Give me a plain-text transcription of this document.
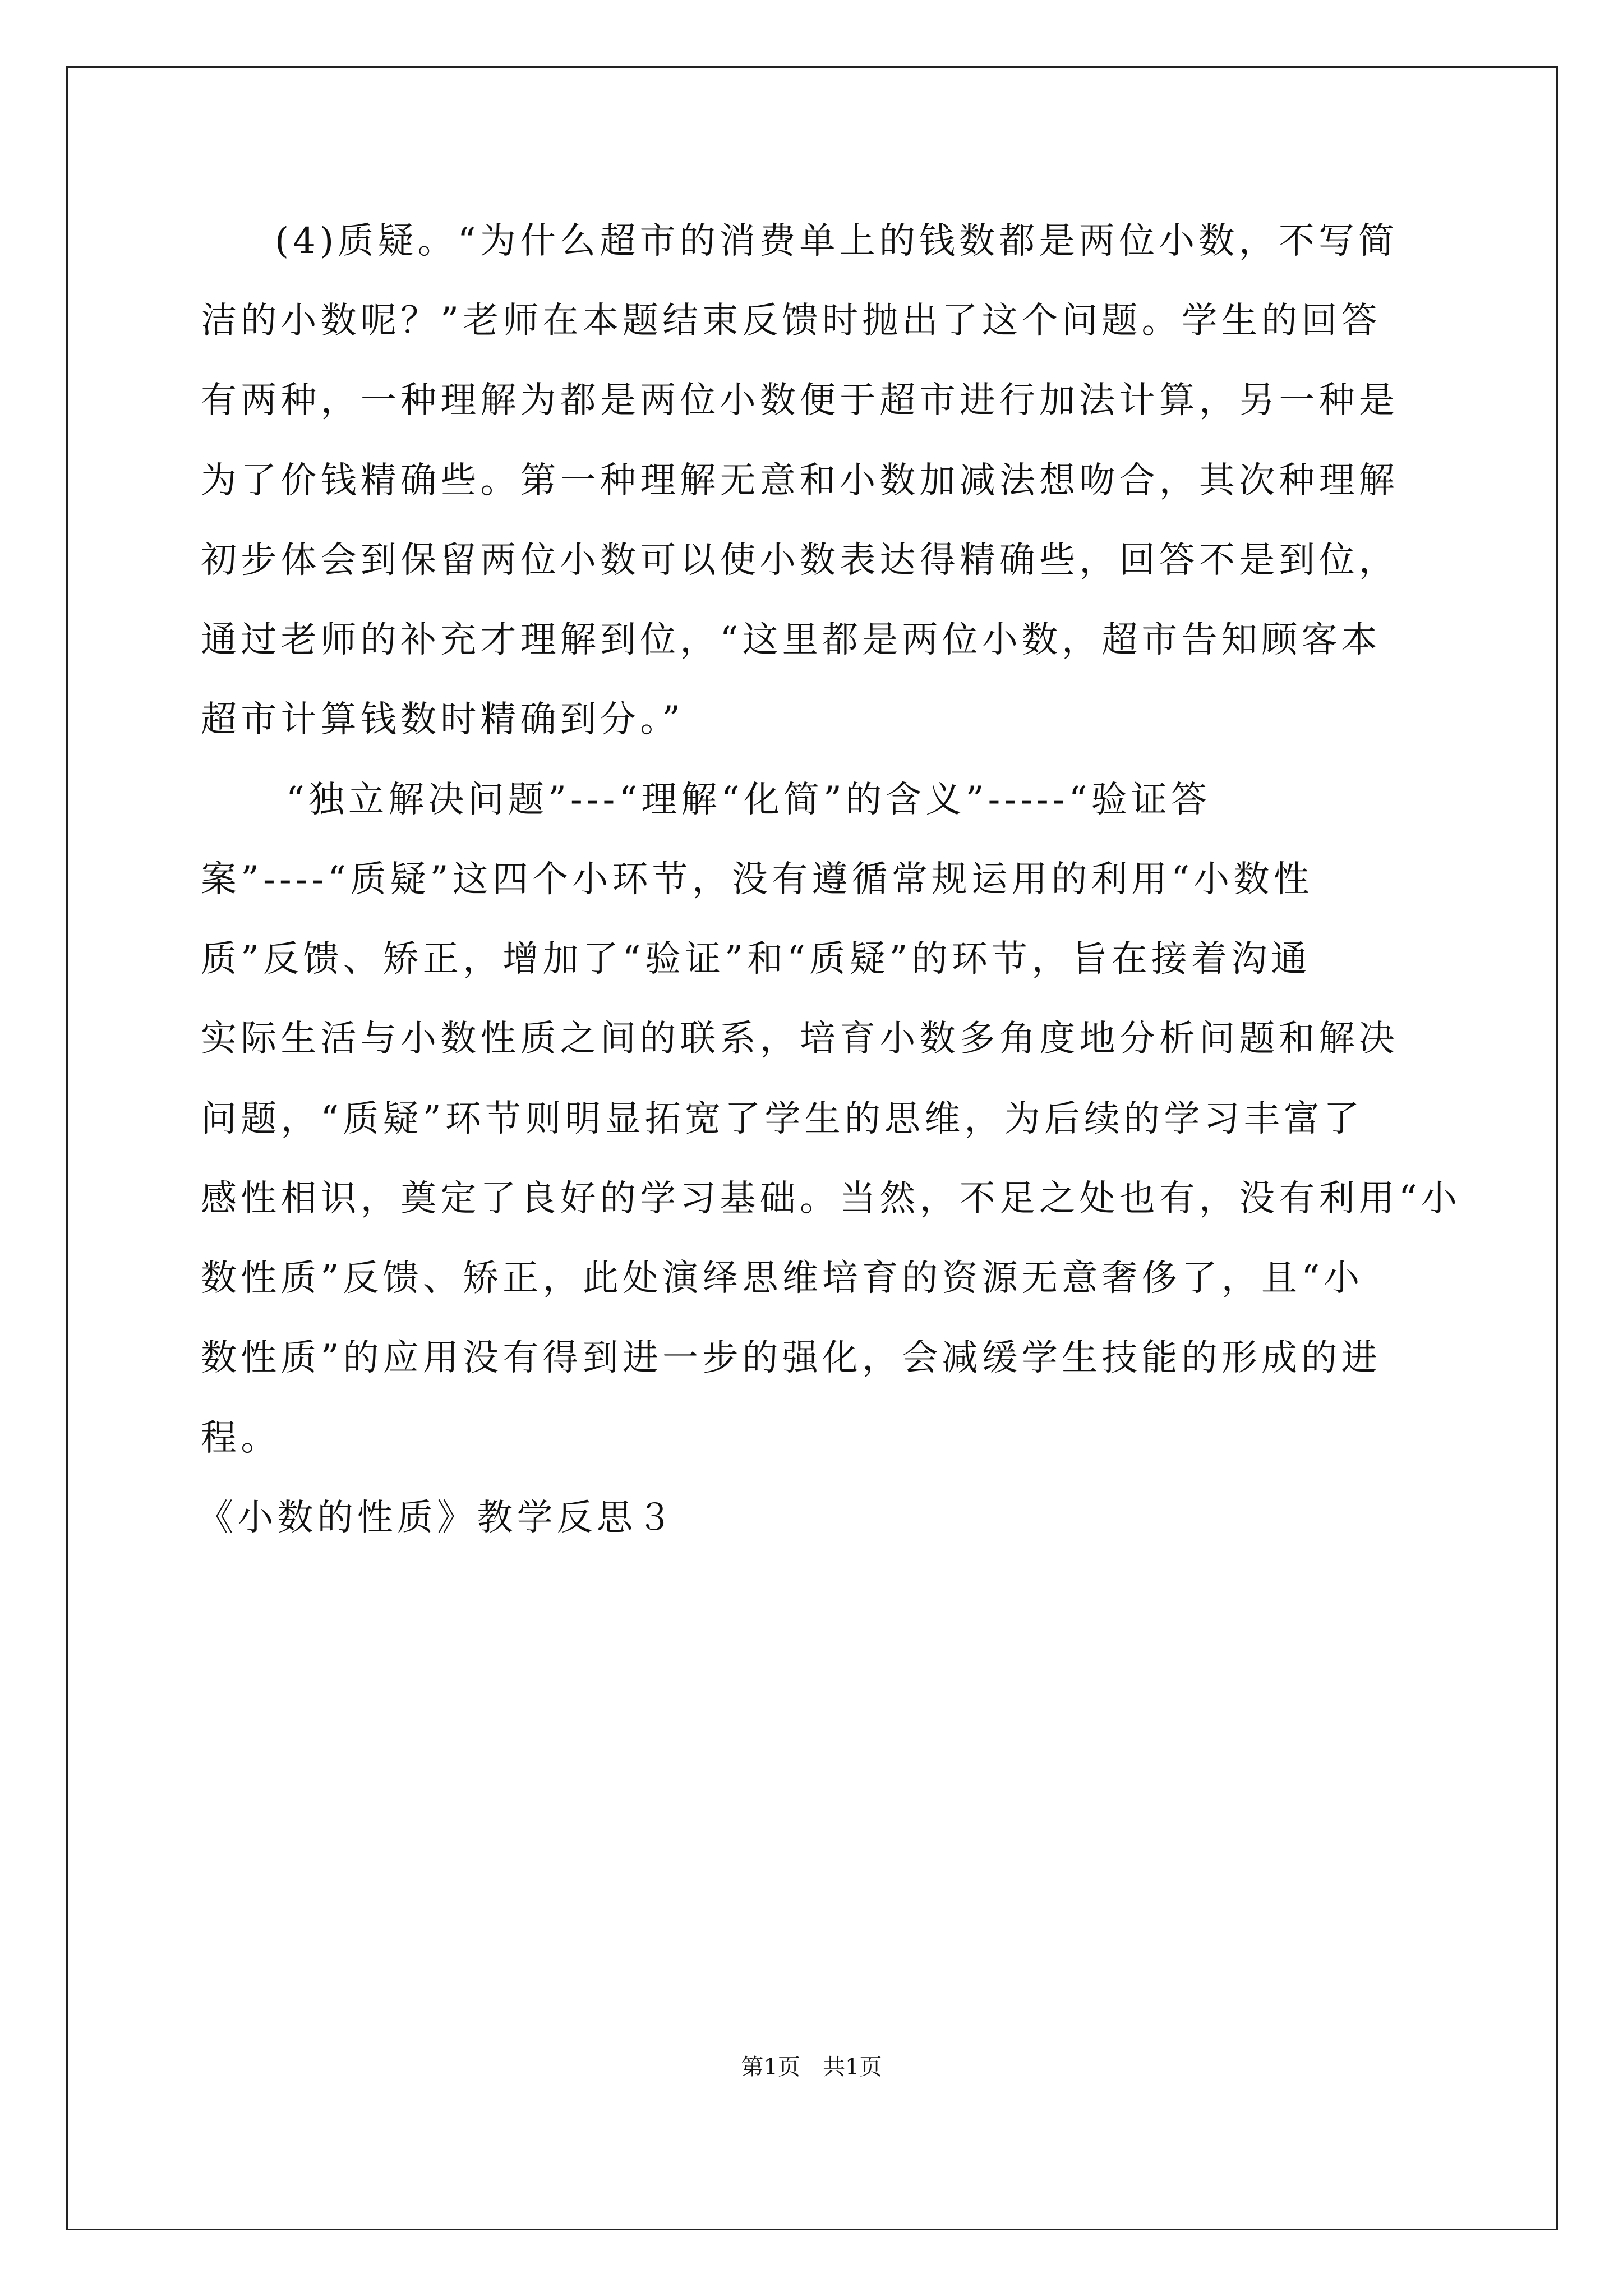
(4)质疑。“为什么超市的消费单上的钱数都是两位小数，不写简
洁的小数呢？”老师在本题结束反馈时抛出了这个问题。学生的回答
有两种，一种理解为都是两位小数便于超市进行加法计算，另一种是
为了价钱精确些。第一种理解无意和小数加减法想吻合，其次种理解
初步体会到保留两位小数可以使小数表达得精确些，回答不是到位，
通过老师的补充才理解到位，“这里都是两位小数，超市告知顾客本
超市计算钱数时精确到分。”
“独立解决问题”---“理解“化简”的含义”-----“验证答
案”----“质疑”这四个小环节，没有遵循常规运用的利用“小数性
质”反馈、矫正，增加了“验证”和“质疑”的环节，旨在接着沟通
实际生活与小数性质之间的联系，培育小数多角度地分析问题和解决
问题，“质疑”环节则明显拓宽了学生的思维，为后续的学习丰富了
感性相识，奠定了良好的学习基础。当然，不足之处也有，没有利用“小
数性质”反馈、矫正，此处演绎思维培育的资源无意奢侈了，且“小
数性质”的应用没有得到进一步的强化，会减缓学生技能的形成的进
程。
《小数的性质》教学反思３
第1页　共1页
